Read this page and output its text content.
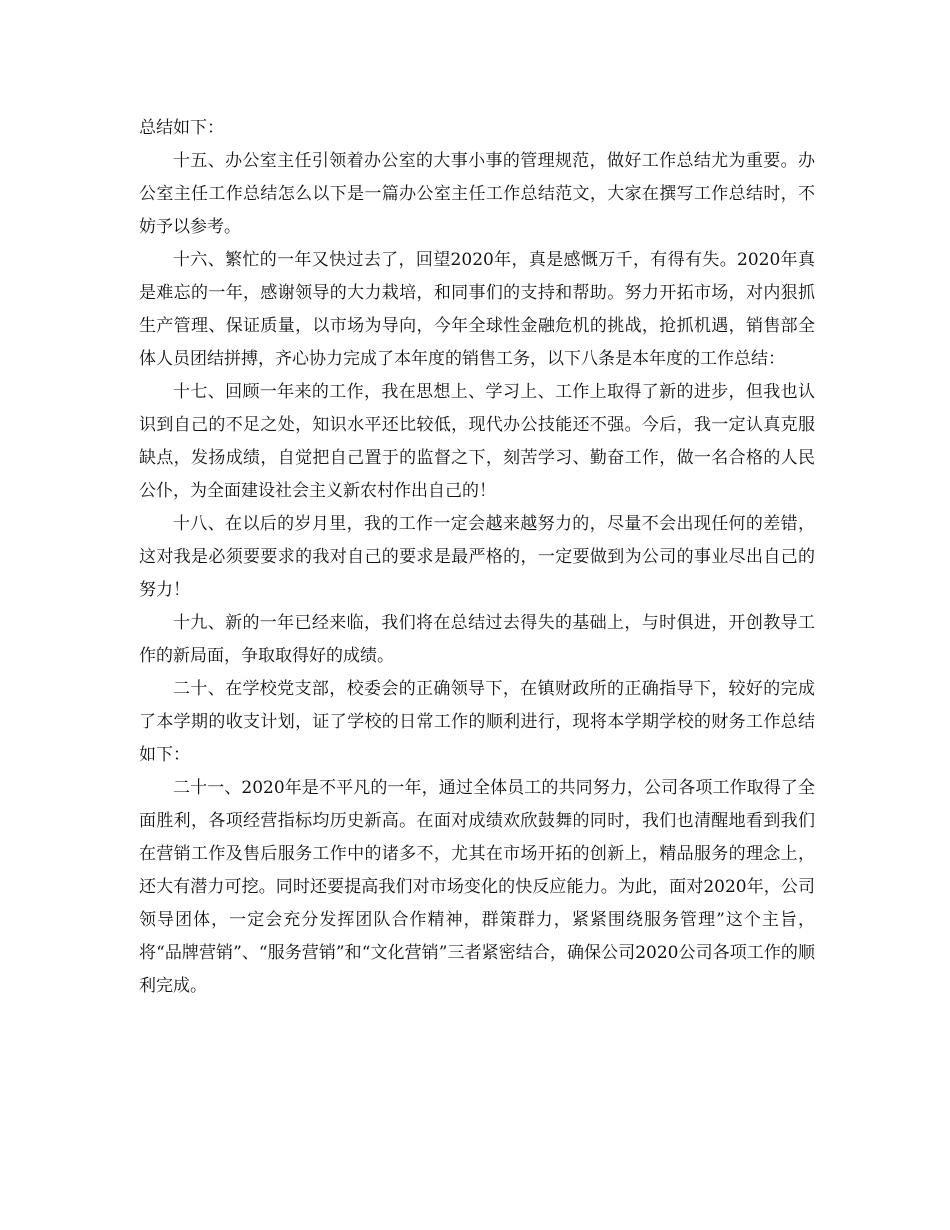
总结如下：

十五、办公室主任引领着办公室的大事小事的管理规范，做好工作总结尤为重要。办公室主任工作总结怎么以下是一篇办公室主任工作总结范文，大家在撰写工作总结时，不妨予以参考。

十六、繁忙的一年又快过去了，回望2020年，真是感慨万千，有得有失。2020年真是难忘的一年，感谢领导的大力栽培，和同事们的支持和帮助。努力开拓市场，对内狠抓生产管理、保证质量，以市场为导向，今年全球性金融危机的挑战，抢抓机遇，销售部全体人员团结拼搏，齐心协力完成了本年度的销售工务，以下八条是本年度的工作总结：

十七、回顾一年来的工作，我在思想上、学习上、工作上取得了新的进步，但我也认识到自己的不足之处，知识水平还比较低，现代办公技能还不强。今后，我一定认真克服缺点，发扬成绩，自觉把自己置于的监督之下，刻苦学习、勤奋工作，做一名合格的人民公仆，为全面建设社会主义新农村作出自己的！

十八、在以后的岁月里，我的工作一定会越来越努力的，尽量不会出现任何的差错，这对我是必须要要求的我对自己的要求是最严格的，一定要做到为公司的事业尽出自己的努力！

十九、新的一年已经来临，我们将在总结过去得失的基础上，与时俱进，开创教导工作的新局面，争取取得好的成绩。

二十、在学校党支部，校委会的正确领导下，在镇财政所的正确指导下，较好的完成了本学期的收支计划，证了学校的日常工作的顺利进行，现将本学期学校的财务工作总结如下：

二十一、2020年是不平凡的一年，通过全体员工的共同努力，公司各项工作取得了全面胜利，各项经营指标均历史新高。在面对成绩欢欣鼓舞的同时，我们也清醒地看到我们在营销工作及售后服务工作中的诸多不，尤其在市场开拓的创新上，精品服务的理念上，还大有潜力可挖。同时还要提高我们对市场变化的快反应能力。为此，面对2020年，公司领导团体，一定会充分发挥团队合作精神，群策群力，紧紧围绕服务管理”这个主旨，将“品牌营销”、“服务营销”和“文化营销”三者紧密结合，确保公司2020公司各项工作的顺利完成。
